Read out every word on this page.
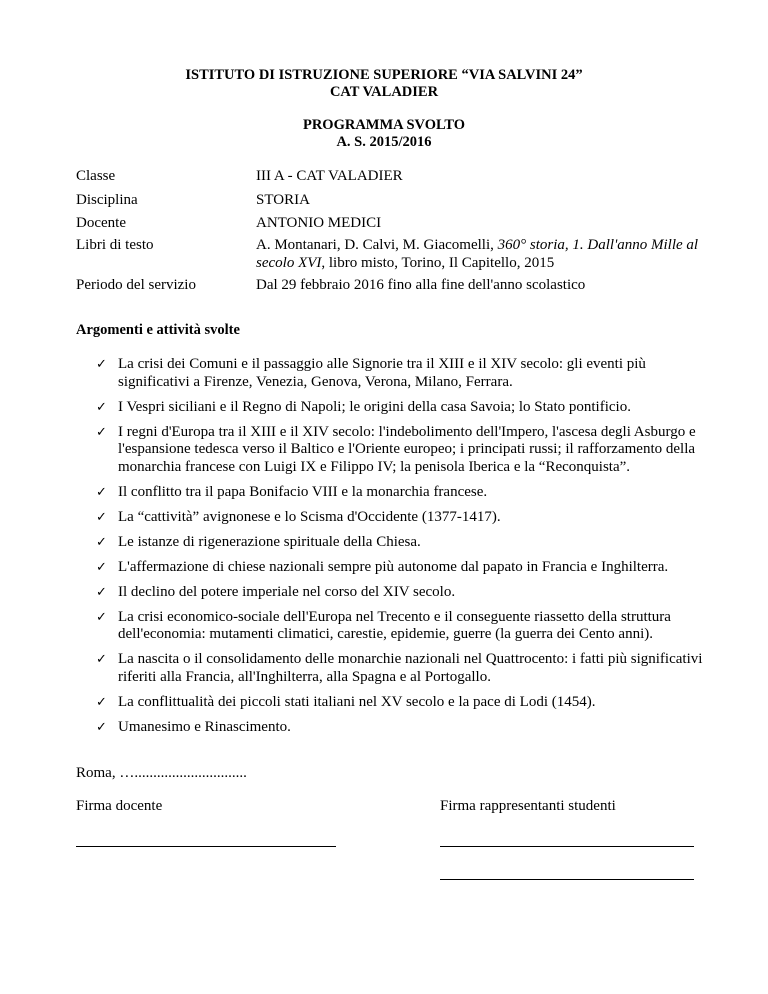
ISTITUTO DI ISTRUZIONE SUPERIORE “VIA SALVINI 24”
CAT VALADIER
PROGRAMMA SVOLTO
A. S. 2015/2016
Classe	III A - CAT VALADIER
Disciplina	STORIA
Docente	ANTONIO MEDICI
Libri di testo	A. Montanari, D. Calvi, M. Giacomelli, 360° storia, 1. Dall'anno Mille al secolo XVI, libro misto, Torino, Il Capitello, 2015
Periodo del servizio	Dal 29 febbraio 2016 fino alla fine dell'anno scolastico
Argomenti e attività svolte
✓ La crisi dei Comuni e il passaggio alle Signorie tra il XIII e il XIV secolo: gli eventi più significativi a Firenze, Venezia, Genova, Verona, Milano, Ferrara.
✓ I Vespri siciliani e il Regno di Napoli; le origini della casa Savoia; lo Stato pontificio.
✓ I regni d'Europa tra il XIII e il XIV secolo: l'indebolimento dell'Impero, l'ascesa degli Asburgo e l'espansione tedesca verso il Baltico e l'Oriente europeo; i principati russi; il rafforzamento della monarchia francese con Luigi IX e Filippo IV; la penisola Iberica e la “Reconquista”.
✓ Il conflitto tra il papa Bonifacio VIII e la monarchia francese.
✓ La “cattività” avignonese e lo Scisma d'Occidente (1377-1417).
✓ Le istanze di rigenerazione spirituale della Chiesa.
✓ L'affermazione di chiese nazionali sempre più autonome dal papato in Francia e Inghilterra.
✓ Il declino del potere imperiale nel corso del XIV secolo.
✓ La crisi economico-sociale dell'Europa nel Trecento e il conseguente riassetto della struttura dell'economia: mutamenti climatici, carestie, epidemie, guerre (la guerra dei Cento anni).
✓ La nascita o il consolidamento delle monarchie nazionali nel Quattrocento: i fatti più significativi riferiti alla Francia, all'Inghilterra, alla Spagna e al Portogallo.
✓ La conflittualità dei piccoli stati italiani nel XV secolo e la pace di Lodi (1454).
✓ Umanesimo e Rinascimento.
Roma, …..............................
Firma docente	Firma rappresentanti studenti
